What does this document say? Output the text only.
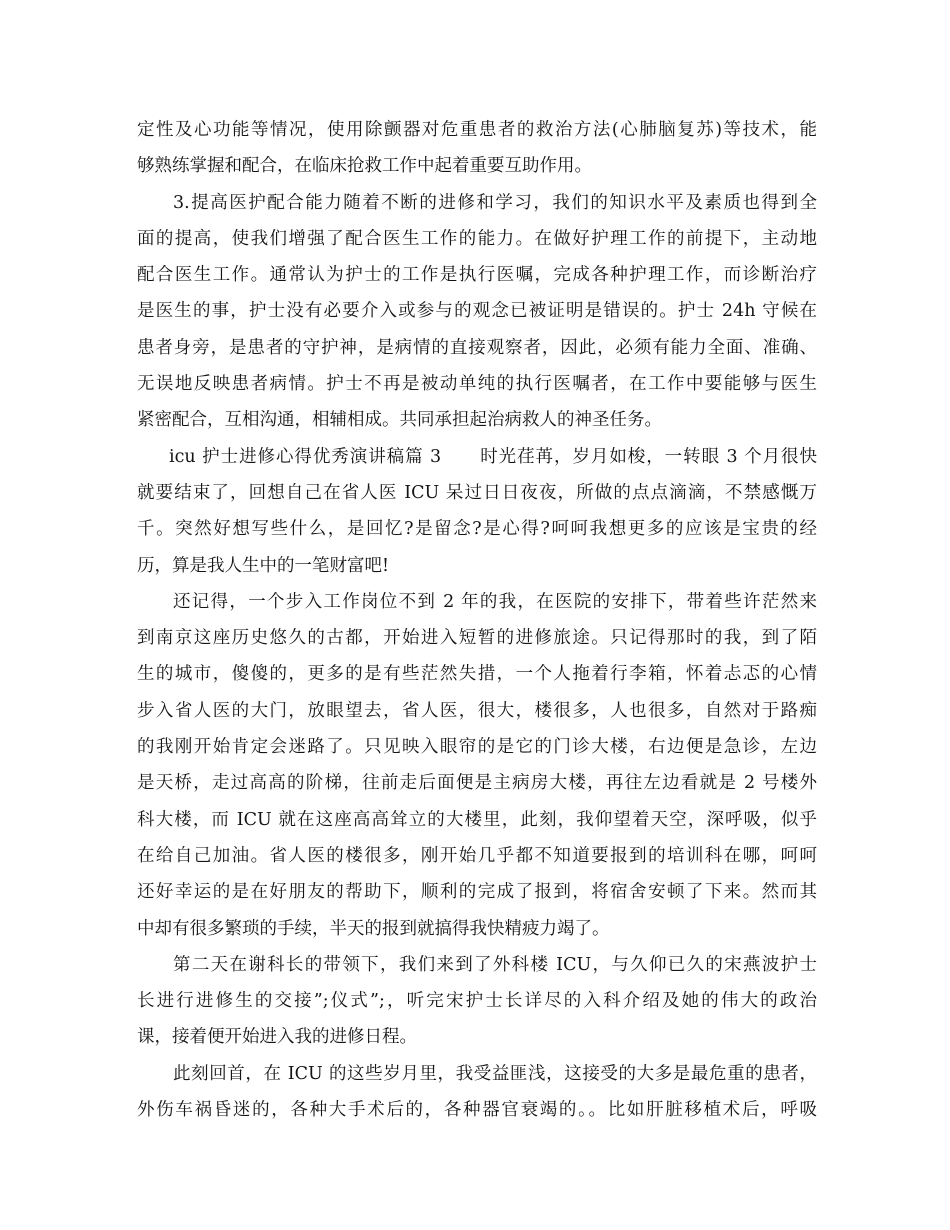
定性及心功能等情况，使用除颤器对危重患者的救治方法(心肺脑复苏)等技术，能
够熟练掌握和配合，在临床抢救工作中起着重要互助作用。
3.提高医护配合能力随着不断的进修和学习，我们的知识水平及素质也得到全
面的提高，使我们增强了配合医生工作的能力。在做好护理工作的前提下，主动地
配合医生工作。通常认为护士的工作是执行医嘱，完成各种护理工作，而诊断治疗
是医生的事，护士没有必要介入或参与的观念已被证明是错误的。护士 24h 守候在
患者身旁，是患者的守护神，是病情的直接观察者，因此，必须有能力全面、准确、
无误地反映患者病情。护士不再是被动单纯的执行医嘱者，在工作中要能够与医生
紧密配合，互相沟通，相辅相成。共同承担起治病救人的神圣任务。
icu 护士进修心得优秀演讲稿篇 3      时光荏苒，岁月如梭，一转眼 3 个月很快
就要结束了，回想自己在省人医 ICU 呆过日日夜夜，所做的点点滴滴，不禁感慨万
千。突然好想写些什么，是回忆?是留念?是心得?呵呵我想更多的应该是宝贵的经
历，算是我人生中的一笔财富吧!
还记得，一个步入工作岗位不到 2 年的我，在医院的安排下，带着些许茫然来
到南京这座历史悠久的古都，开始进入短暂的进修旅途。只记得那时的我，到了陌
生的城市，傻傻的，更多的是有些茫然失措，一个人拖着行李箱，怀着忐忑的心情
步入省人医的大门，放眼望去，省人医，很大，楼很多，人也很多，自然对于路痴
的我刚开始肯定会迷路了。只见映入眼帘的是它的门诊大楼，右边便是急诊，左边
是天桥，走过高高的阶梯，往前走后面便是主病房大楼，再往左边看就是 2 号楼外
科大楼，而 ICU 就在这座高高耸立的大楼里，此刻，我仰望着天空，深呼吸，似乎
在给自己加油。省人医的楼很多，刚开始几乎都不知道要报到的培训科在哪，呵呵
还好幸运的是在好朋友的帮助下，顺利的完成了报到，将宿舍安顿了下来。然而其
中却有很多繁琐的手续，半天的报到就搞得我快精疲力竭了。
第二天在谢科长的带领下，我们来到了外科楼 ICU，与久仰已久的宋燕波护士
长进行进修生的交接”;仪式”;，听完宋护士长详尽的入科介绍及她的伟大的政治
课，接着便开始进入我的进修日程。
此刻回首，在 ICU 的这些岁月里，我受益匪浅，这接受的大多是最危重的患者，
外伤车祸昏迷的，各种大手术后的，各种器官衰竭的。。比如肝脏移植术后，呼吸
